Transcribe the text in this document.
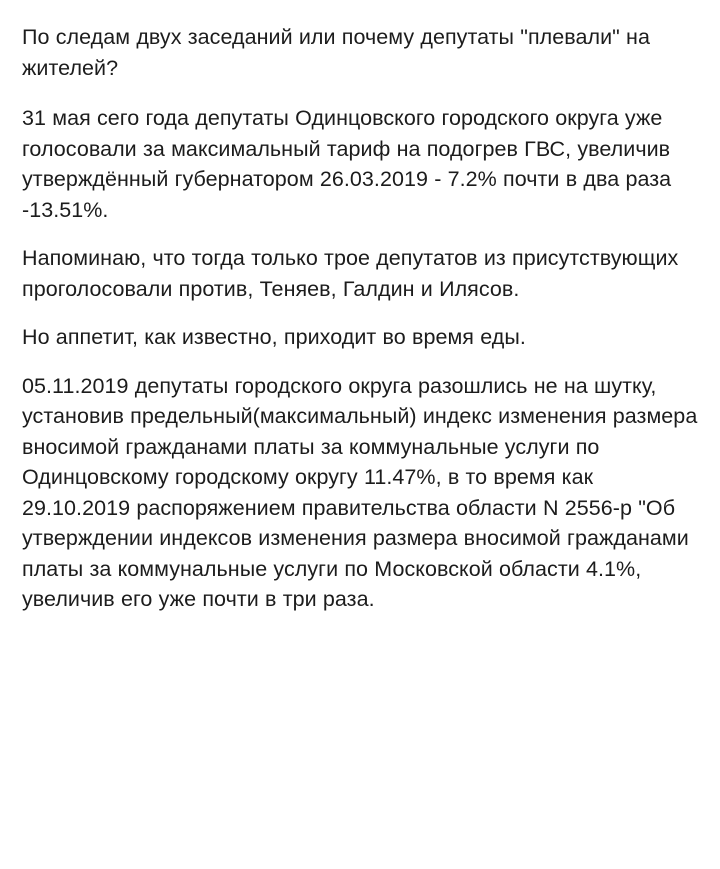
По следам двух заседаний или почему депутаты "плевали" на жителей?

31 мая сего года депутаты Одинцовского городского округа уже голосовали за максимальный тариф на подогрев ГВС, увеличив утверждённый губернатором 26.03.2019 - 7.2% почти в два раза -13.51%.

Напоминаю, что тогда только трое депутатов из присутствующих проголосовали против, Теняев, Галдин и Илясов.

Но аппетит, как известно, приходит во время еды.

05.11.2019 депутаты городского округа разошлись не на шутку, установив предельный(максимальный) индекс изменения размера вносимой гражданами платы за коммунальные услуги по Одинцовскому городскому округу 11.47%, в то время как 29.10.2019 распоряжением правительства области N 2556-р "Об утверждении индексов изменения размера вносимой гражданами платы за коммунальные услуги по Московской области 4.1%, увеличив его уже почти в три раза.
